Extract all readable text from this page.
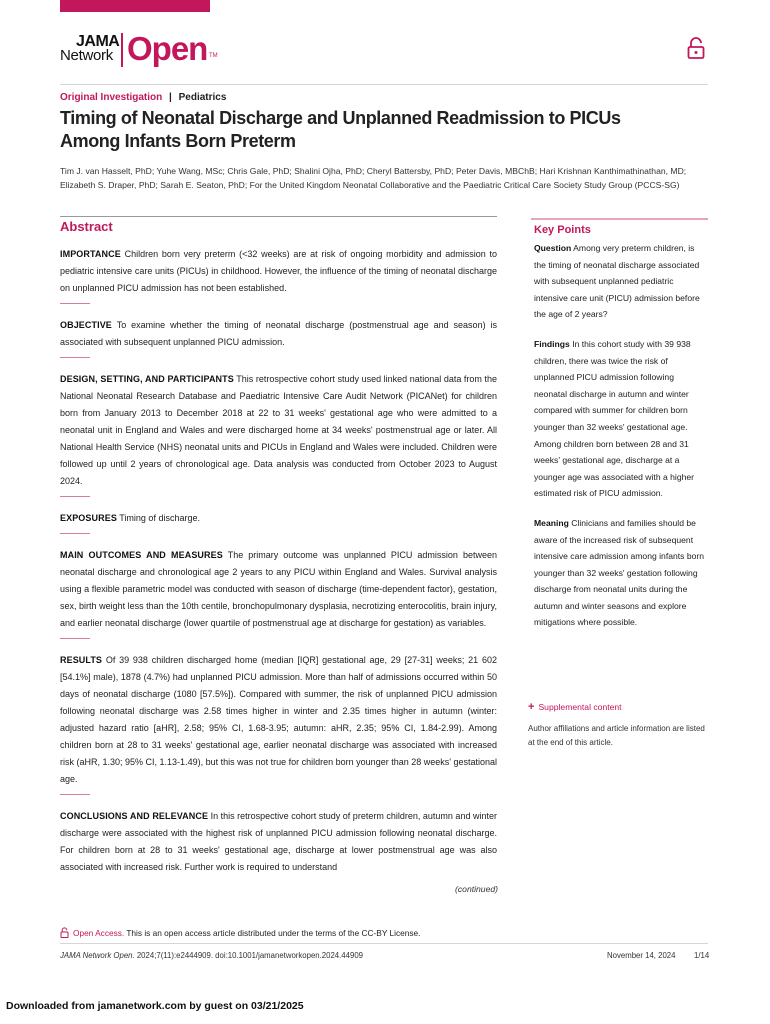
JAMA
Network Open TM
Original Investigation | Pediatrics
Timing of Neonatal Discharge and Unplanned Readmission to PICUs Among Infants Born Preterm

Tim J. van Hasselt, PhD; Yuhe Wang, MSc; Chris Gale, PhD; Shalini Ojha, PhD; Cheryl Battersby, PhD; Peter Davis, MBChB; Hari Krishnan Kanthimathinathan, MD; Elizabeth S. Draper, PhD; Sarah E. Seaton, PhD; For the United Kingdom Neonatal Collaborative and the Paediatric Critical Care Society Study Group (PCCS-SG)

Abstract

IMPORTANCE Children born very preterm (<32 weeks) are at risk of ongoing morbidity and admission to pediatric intensive care units (PICUs) in childhood. However, the influence of the timing of neonatal discharge on unplanned PICU admission has not been established.

OBJECTIVE To examine whether the timing of neonatal discharge (postmenstrual age and season) is associated with subsequent unplanned PICU admission.

DESIGN, SETTING, AND PARTICIPANTS This retrospective cohort study used linked national data from the National Neonatal Research Database and Paediatric Intensive Care Audit Network (PICANet) for children born from January 2013 to December 2018 at 22 to 31 weeks' gestational age who were admitted to a neonatal unit in England and Wales and were discharged home at 34 weeks' postmenstrual age or later. All National Health Service (NHS) neonatal units and PICUs in England and Wales were included. Children were followed up until 2 years of chronological age. Data analysis was conducted from October 2023 to August 2024.

EXPOSURES Timing of discharge.

MAIN OUTCOMES AND MEASURES The primary outcome was unplanned PICU admission between neonatal discharge and chronological age 2 years to any PICU within England and Wales. Survival analysis using a flexible parametric model was conducted with season of discharge (time-dependent factor), gestation, sex, birth weight less than the 10th centile, bronchopulmonary dysplasia, necrotizing enterocolitis, brain injury, and earlier neonatal discharge (lower quartile of postmenstrual age at discharge for gestation) as variables.

RESULTS Of 39 938 children discharged home (median [IQR] gestational age, 29 [27-31] weeks; 21 602 [54.1%] male), 1878 (4.7%) had unplanned PICU admission. More than half of admissions occurred within 50 days of neonatal discharge (1080 [57.5%]). Compared with summer, the risk of unplanned PICU admission following neonatal discharge was 2.58 times higher in winter and 2.35 times higher in autumn (winter: adjusted hazard ratio [aHR], 2.58; 95% CI, 1.68-3.95; autumn: aHR, 2.35; 95% CI, 1.84-2.99). Among children born at 28 to 31 weeks' gestational age, earlier neonatal discharge was associated with increased risk (aHR, 1.30; 95% CI, 1.13-1.49), but this was not true for children born younger than 28 weeks' gestational age.

CONCLUSIONS AND RELEVANCE In this retrospective cohort study of preterm children, autumn and winter discharge were associated with the highest risk of unplanned PICU admission following neonatal discharge. For children born at 28 to 31 weeks' gestational age, discharge at lower postmenstrual age was also associated with increased risk. Further work is required to understand

(continued)
Key Points

Question Among very preterm children, is the timing of neonatal discharge associated with subsequent unplanned pediatric intensive care unit (PICU) admission before the age of 2 years?

Findings In this cohort study with 39 938 children, there was twice the risk of unplanned PICU admission following neonatal discharge in autumn and winter compared with summer for children born younger than 32 weeks' gestational age. Among children born between 28 and 31 weeks' gestational age, discharge at a younger age was associated with a higher estimated risk of PICU admission.

Meaning Clinicians and families should be aware of the increased risk of subsequent intensive care admission among infants born younger than 32 weeks' gestation following discharge from neonatal units during the autumn and winter seasons and explore mitigations where possible.

+ Supplemental content

Author affiliations and article information are listed at the end of this article.

Open Access. This is an open access article distributed under the terms of the CC-BY License.
JAMA Network Open. 2024;7(11):e2444909. doi:10.1001/jamanetworkopen.2024.44909	November 14, 2024 1/14
Downloaded from jamanetwork.com by guest on 03/21/2025
